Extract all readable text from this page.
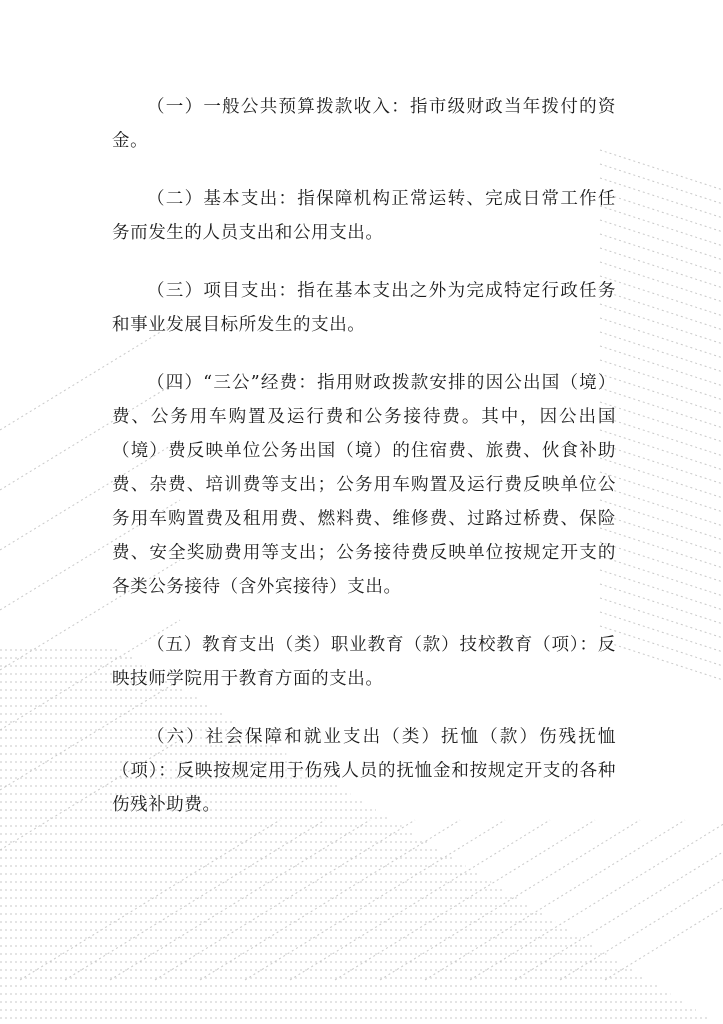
（一）一般公共预算拨款收入：指市级财政当年拨付的资金。

（二）基本支出：指保障机构正常运转、完成日常工作任务而发生的人员支出和公用支出。

（三）项目支出：指在基本支出之外为完成特定行政任务和事业发展目标所发生的支出。

（四）“三公”经费：指用财政拨款安排的因公出国（境）费、公务用车购置及运行费和公务接待费。其中，因公出国（境）费反映单位公务出国（境）的住宿费、旅费、伙食补助费、杂费、培训费等支出；公务用车购置及运行费反映单位公务用车购置费及租用费、燃料费、维修费、过路过桥费、保险费、安全奖励费用等支出；公务接待费反映单位按规定开支的各类公务接待（含外宾接待）支出。

（五）教育支出（类）职业教育（款）技校教育（项）：反映技师学院用于教育方面的支出。

（六）社会保障和就业支出（类）抚恤（款）伤残抚恤（项）：反映按规定用于伤残人员的抚恤金和按规定开支的各种伤残补助费。
